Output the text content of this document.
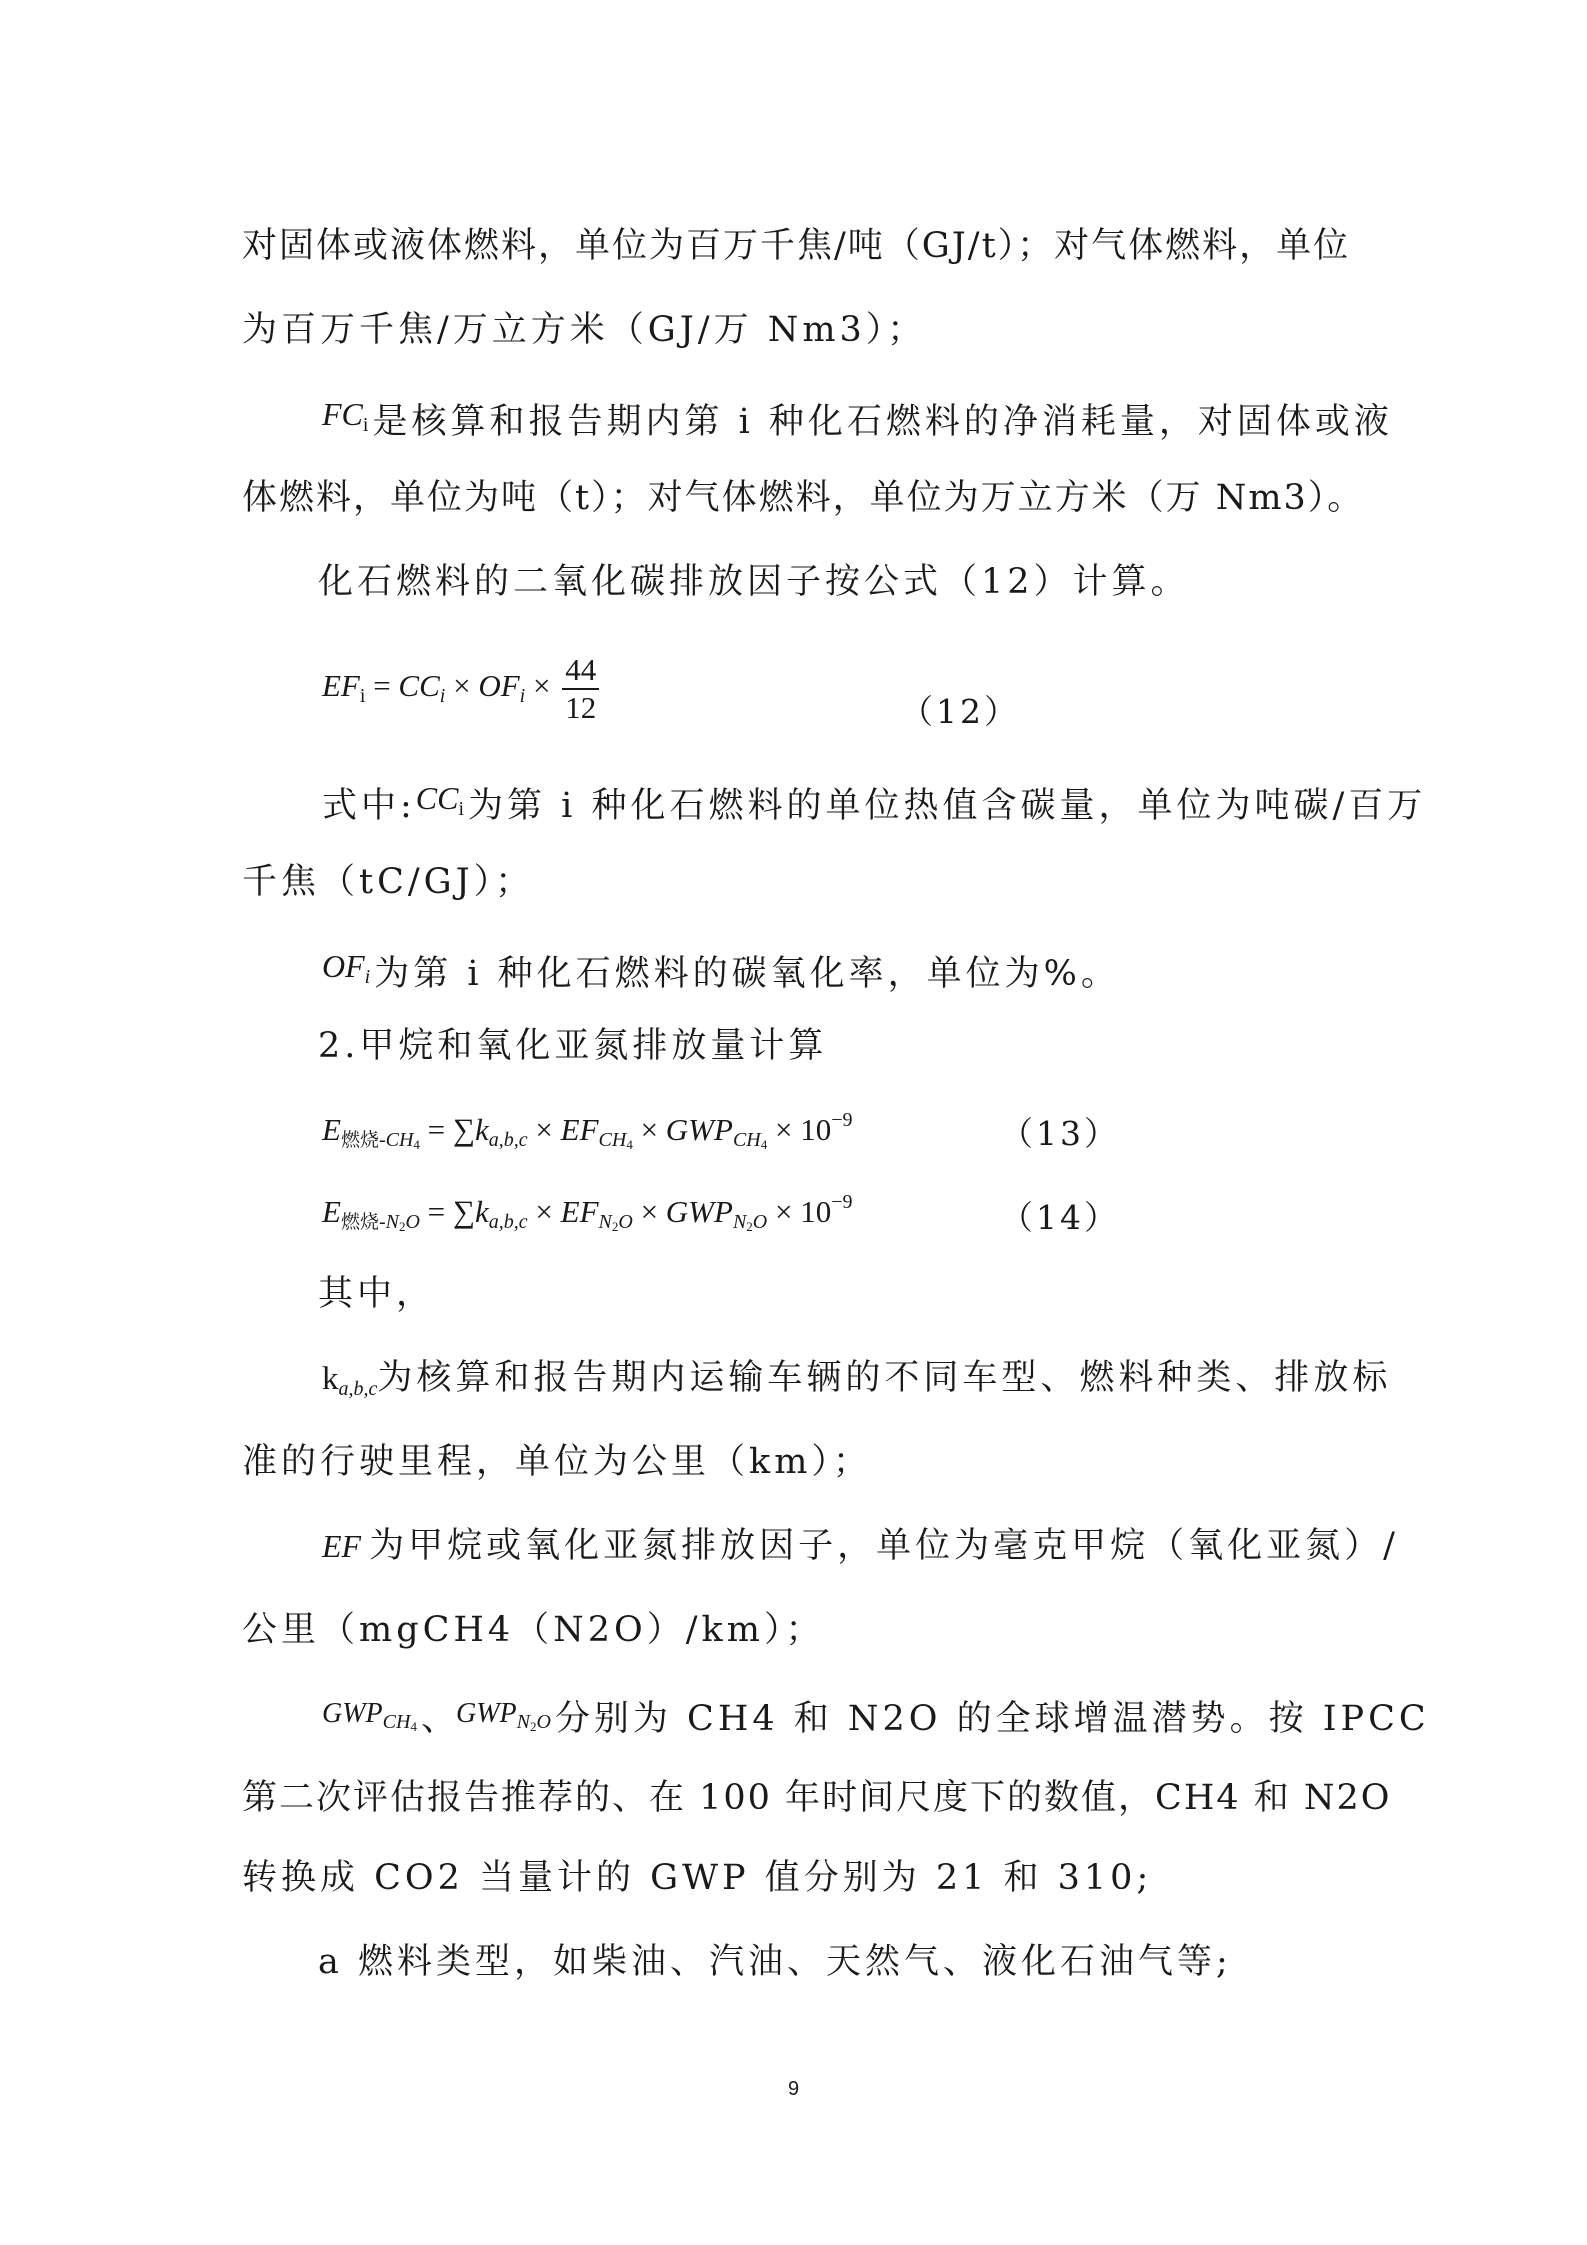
对固体或液体燃料，单位为百万千焦/吨（GJ/t）；对气体燃料，单位
为百万千焦/万立方米（GJ/万 Nm3）；
FCi 是核算和报告期内第 i 种化石燃料的净消耗量，对固体或液
体燃料，单位为吨（t）；对气体燃料，单位为万立方米（万 Nm3）。
化石燃料的二氧化碳排放因子按公式（12）计算。
EFi = $CC_i \times OF_i \times \frac{44}{12}$	（12）
式中:CCi 为第 i 种化石燃料的单位热值含碳量，单位为吨碳/百万
千焦（tC/GJ）；
$OF_i$ 为第 i 种化石燃料的碳氧化率，单位为%。
2.甲烷和氧化亚氮排放量计算
E燃烧$_{-CH4} = \sum k_{a,b,c} \times EF_{CH4} \times GWP_{CH4} \times 10^{-9}$	（13）
E燃烧$_{-N2O} = \sum k_{a,b,c} \times EF_{N2O} \times GWP_{N2O} \times 10^{-9}$	（14）
其中，
$k_{a,b,c}$为核算和报告期内运输车辆的不同车型、燃料种类、排放标
准的行驶里程，单位为公里（km）；
EF 为甲烷或氧化亚氮排放因子，单位为毫克甲烷（氧化亚氮）/
公里（mgCH4（N2O）/km）；
$^{GWP_{CH4}}$ 、$^{GWP_{N2O}}$ 分别为 CH4 和 N2O 的全球增温潜势。按 IPCC
第二次评估报告推荐的、在 100 年时间尺度下的数值，CH4 和 N2O
转换成 CO2 当量计的 GWP 值分别为 21 和 310;
a 燃料类型，如柴油、汽油、天然气、液化石油气等;
9
